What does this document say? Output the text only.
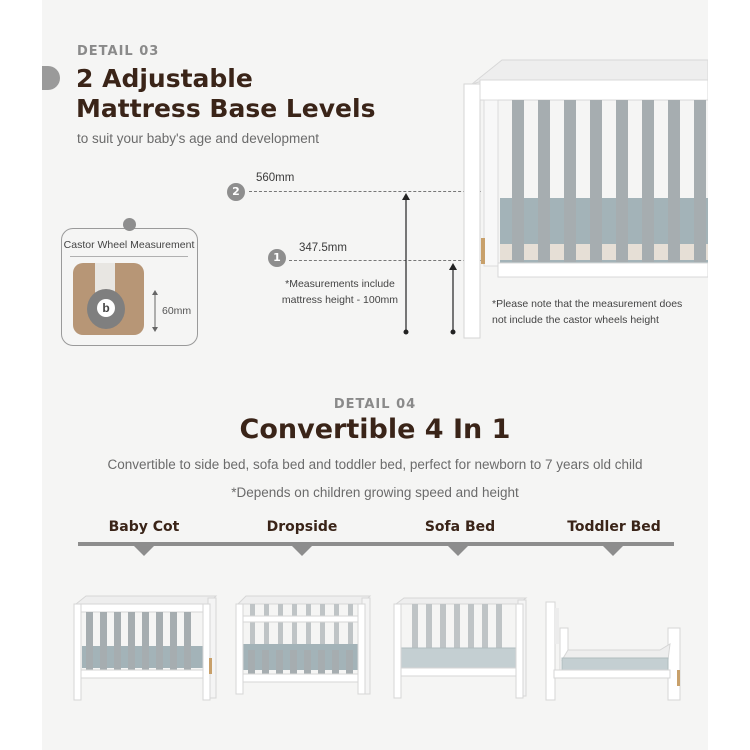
DETAIL 03
2 Adjustable
Mattress Base Levels
to suit your baby's age and development
2
560mm
1
347.5mm
*Measurements include
mattress height - 100mm	*Please note that the measurement does
not include the castor wheels height
Castor Wheel Measurement
b	60mm
DETAIL 04
Convertible 4 In 1
Convertible to side bed, sofa bed and toddler bed, perfect for newborn to 7 years old child
*Depends on children growing speed and height
Baby Cot	Dropside	Sofa Bed	Toddler Bed
